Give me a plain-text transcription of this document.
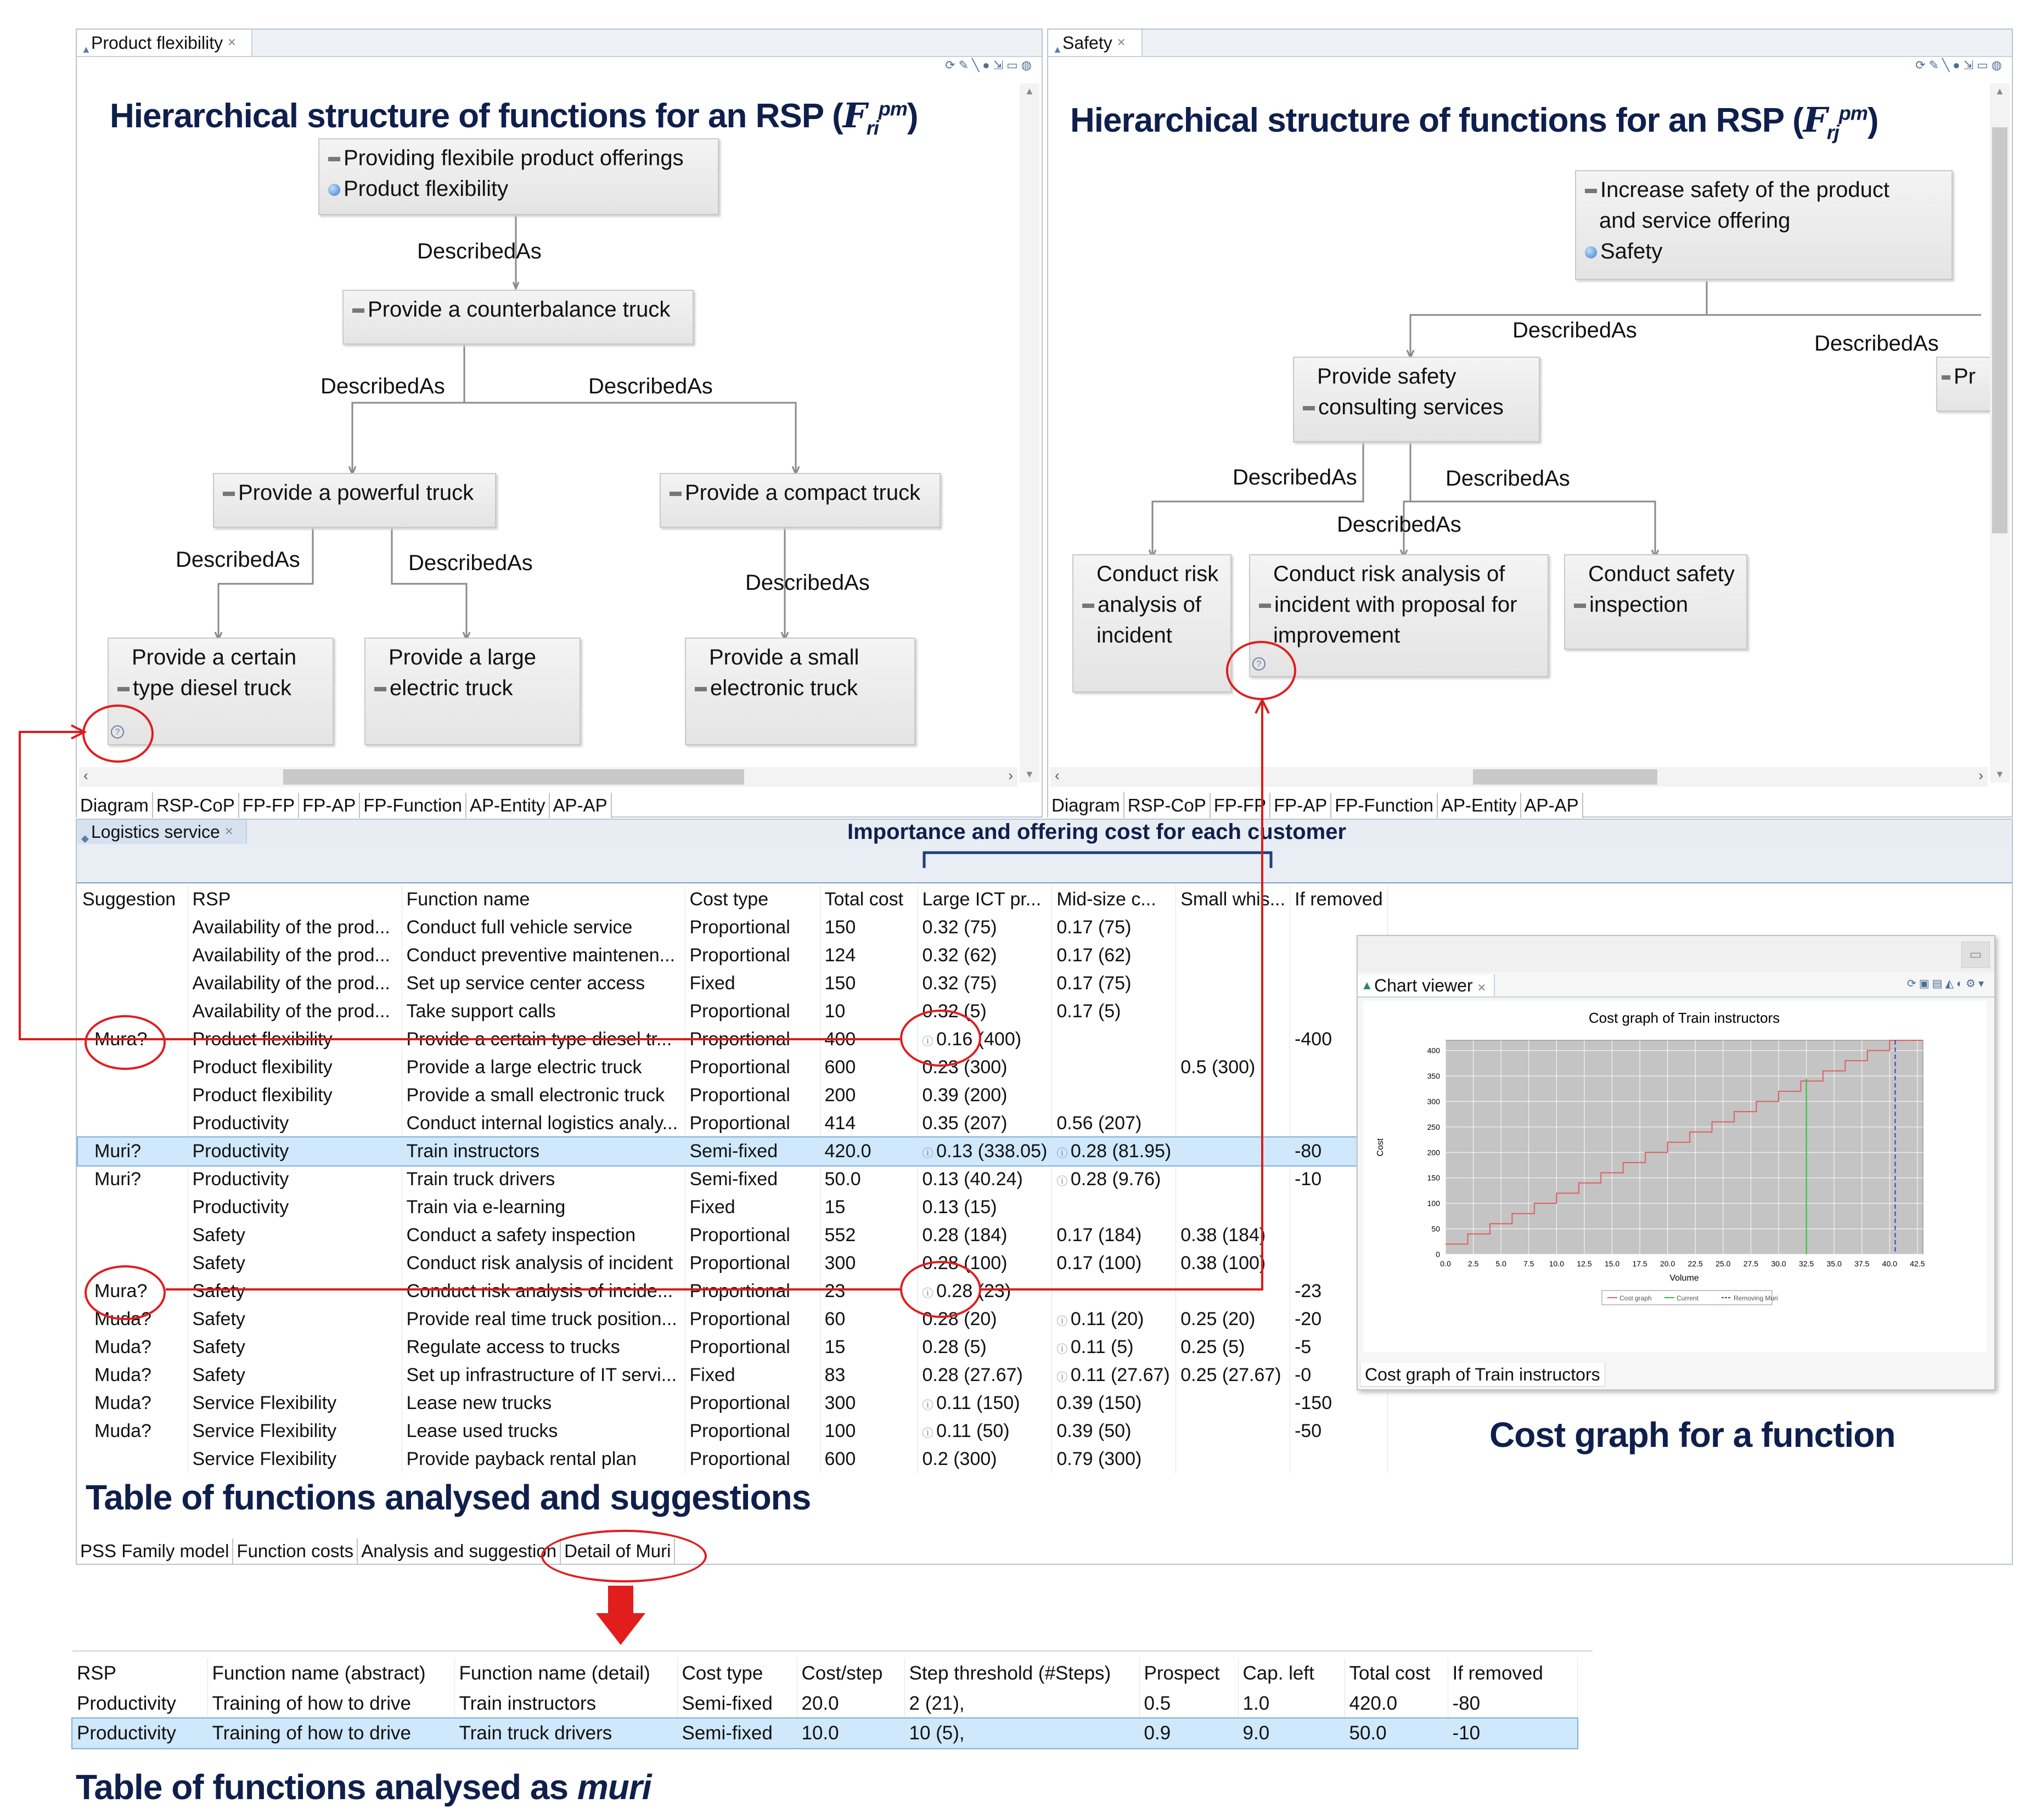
▲ Product flexibility ✕
⟳✎╲●⇲▭◍
Hierarchical structure of functions for an RSP $(F_{ri}^{pm})$
Providing flexibile product offerings
Product flexibility
DescribedAs
Provide a counterbalance truck
DescribedAs	DescribedAs
Provide a powerful truck	Provide a compact truck
DescribedAs	DescribedAs
DescribedAs
Provide a certain
type diesel truck
?
Provide a large
electric truck
Provide a small
electronic truck
▲
▼
‹	›
Diagram RSP-CoP FP-FP FP-AP FP-Function AP-Entity AP-AP
▲ Safety ✕
⟳✎╲●⇲▭◍
Hierarchical structure of functions for an RSP $(F_{rj}^{pm})$
Increase safety of the product
and service offering
Safety
DescribedAs
DescribedAs
Provide safety
consulting services
Pr
DescribedAs	DescribedAs
DescribedAs
Conduct risk
analysis of
incident
Conduct risk analysis of
incident with proposal for
improvement
?
Conduct safety
inspection
▲
▼
‹	›
Diagram RSP-CoP FP-FP FP-AP FP-Function AP-Entity AP-AP
◆ Logistics service ✕	Importance and offering cost for each customer
Suggestion	RSP	Function name	Cost type	Total cost	Large ICT pr...	Mid-size c...	Small whis...	If removed
	Availability of the prod...	Conduct full vehicle service	Proportional	150	0.32 (75)	0.17 (75)		
	Availability of the prod...	Conduct preventive maintenen...	Proportional	124	0.32 (62)	0.17 (62)		
	Availability of the prod...	Set up service center access	Fixed	150	0.32 (75)	0.17 (75)		
	Availability of the prod...	Take support calls	Proportional	10	0.32 (5)	0.17 (5)		
Mura?	Product flexibility	Provide a certain type diesel tr...	Proportional	400	ⓘ 0.16 (400)			-400
	Product flexibility	Provide a large electric truck	Proportional	600	0.23 (300)		0.5 (300)	
	Product flexibility	Provide a small electronic truck	Proportional	200	0.39 (200)			
	Productivity	Conduct internal logistics analy...	Proportional	414	0.35 (207)	0.56 (207)		
Muri?	Productivity	Train instructors	Semi-fixed	420.0	ⓘ 0.13 (338.05)	ⓘ 0.28 (81.95)		-80
Muri?	Productivity	Train truck drivers	Semi-fixed	50.0	0.13 (40.24)	ⓘ 0.28 (9.76)		-10
	Productivity	Train via e-learning	Fixed	15	0.13 (15)			
	Safety	Conduct a safety inspection	Proportional	552	0.28 (184)	0.17 (184)	0.38 (184)	
	Safety	Conduct risk analysis of incident	Proportional	300	0.28 (100)	0.17 (100)	0.38 (100)	
Mura?	Safety	Conduct risk analysis of incide...	Proportional	23	ⓘ 0.28 (23)			-23
Muda?	Safety	Provide real time truck position...	Proportional	60	0.28 (20)	ⓘ 0.11 (20)	0.25 (20)	-20
Muda?	Safety	Regulate access to trucks	Proportional	15	0.28 (5)	ⓘ 0.11 (5)	0.25 (5)	-5
Muda?	Safety	Set up infrastructure of IT servi...	Fixed	83	0.28 (27.67)	ⓘ 0.11 (27.67)	0.25 (27.67)	-0
Muda?	Service Flexibility	Lease new trucks	Proportional	300	ⓘ 0.11 (150)	0.39 (150)		-150
Muda?	Service Flexibility	Lease used trucks	Proportional	100	ⓘ 0.11 (50)	0.39 (50)		-50
	Service Flexibility	Provide payback rental plan	Proportional	600	0.2 (300)	0.79 (300)		
Table of functions analysed and suggestions
PSS Family model Function costs Analysis and suggestion Detail of Muri
▭
▲ Chart viewer ✕	⟳▣▤◭◐⚙▾
Cost graph of Train instructors
0
50
100
150
200
250
300
350
400
0.0 2.5 5.0 7.5 10.0 12.5 15.0 17.5 20.0 22.5 25.0 27.5 30.0 32.5 35.0 37.5 40.0 42.5
Volume
Cost
Cost graph	Current	Removing Muri
Cost graph of Train instructors
Cost graph for a function
RSP	Function name (abstract)	Function name (detail)	Cost type	Cost/step	Step threshold (#Steps)	Prospect	Cap. left	Total cost	If removed
Productivity	Training of how to drive	Train instructors	Semi-fixed	20.0	2 (21),	0.5	1.0	420.0	-80
Productivity	Training of how to drive	Train truck drivers	Semi-fixed	10.0	10 (5),	0.9	9.0	50.0	-10
Table of functions analysed as muri
